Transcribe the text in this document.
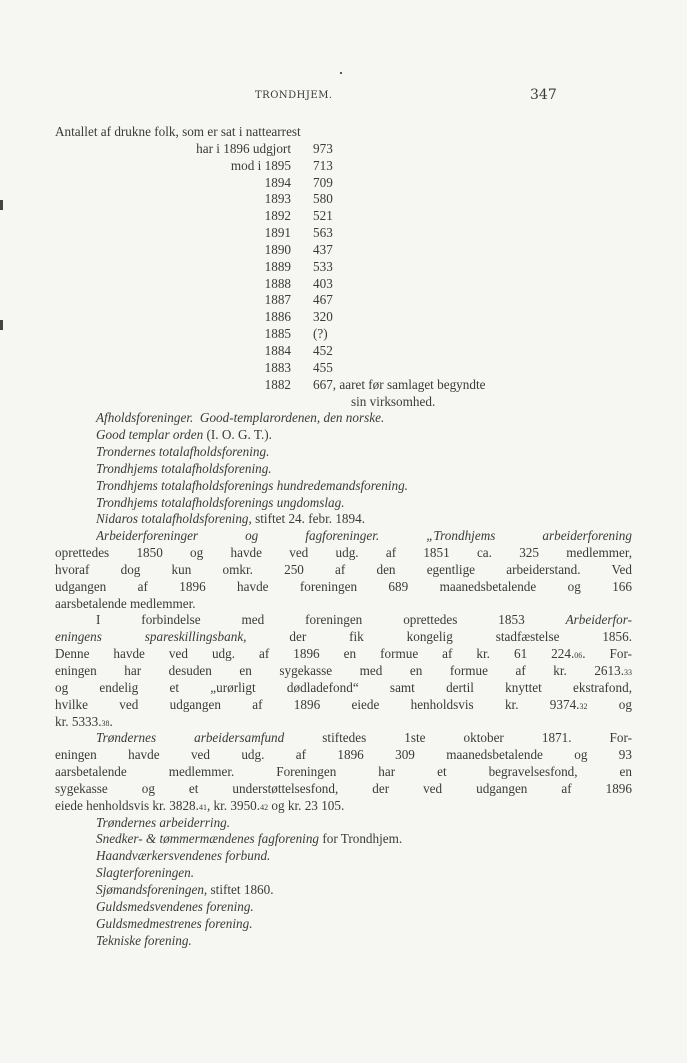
TRONDHJEM.	347
Antallet af drukne folk, som er sat i nattearrest
har i 1896 udgjort 973
mod i 1895 713
1894 709
1893 580
1892 521
1891 563
1890 437
1889 533
1888 403
1887 467
1886 320
1885 (?)
1884 452
1883 455
1882 667, aaret før samlaget begyndte
sin virksomhed.
Afholdsforeninger. Good-templarordenen, den norske.
Good templar orden (I. O. G. T.).
Trondernes totalafholdsforening.
Trondhjems totalafholdsforening.
Trondhjems totalafholdsforenings hundredemandsforening.
Trondhjems totalafholdsforenings ungdomslag.
Nidaros totalafholdsforening, stiftet 24. febr. 1894.
Arbeiderforeninger og fagforeninger.	„Trondhjems arbeiderforening
oprettedes 1850 og havde ved udg. af 1851 ca. 325 medlemmer,
hvoraf dog kun omkr. 250 af den egentlige arbeiderstand. Ved
udgangen af 1896 havde foreningen 689 maanedsbetalende og 166
aarsbetalende medlemmer.
I forbindelse med foreningen oprettedes 1853 Arbeiderfor-
eningens spareskillingsbank, der fik kongelig stadfæstelse 1856.
Denne havde ved udg. af 1896 en formue af kr. 61 224.06. For-
eningen har desuden en sygekasse med en formue af kr. 2613.33
og endelig et „urørligt dødladefond“ samt dertil knyttet ekstrafond,
hvilke ved udgangen af 1896 eiede henholdsvis kr. 9374.32 og
kr. 5333.38.
Trøndernes arbeidersamfund stiftedes 1ste oktober 1871. For-
eningen havde ved udg. af 1896 309 maanedsbetalende og 93
aarsbetalende medlemmer. Foreningen har et begravelsesfond, en
sygekasse og et understøttelsesfond, der ved udgangen af 1896
eiede henholdsvis kr. 3828.41, kr. 3950.42 og kr. 23 105.
Trøndernes arbeiderring.
Snedker- & tømmermændenes fagforening for Trondhjem.
Haandværkersvendenes forbund.
Slagterforeningen.
Sjømandsforeningen, stiftet 1860.
Guldsmedsvendenes forening.
Guldsmedmestrenes forening.
Tekniske forening.
